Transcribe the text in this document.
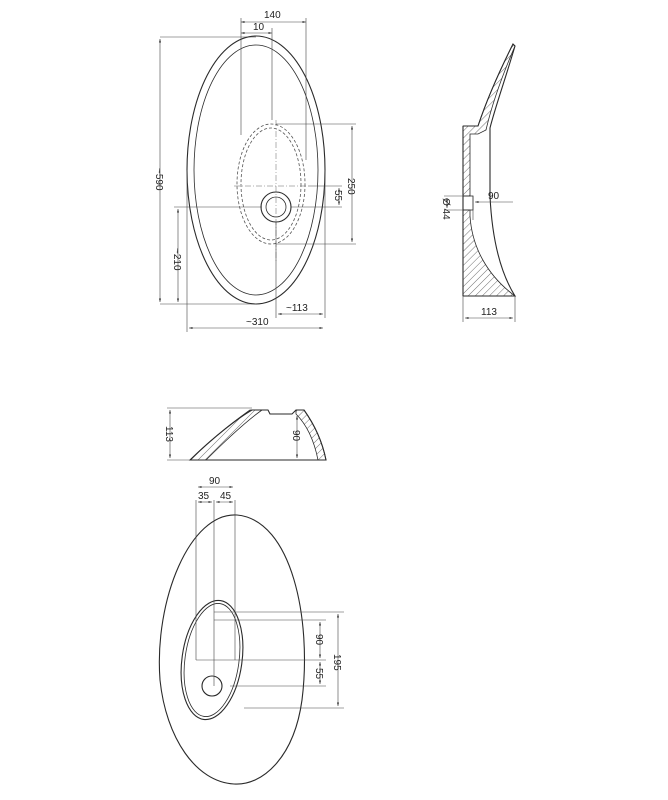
140
10
~590
~210
250
55
~113
~310
90
Ø 44
113
113	90
90
35 45
90
55
195
